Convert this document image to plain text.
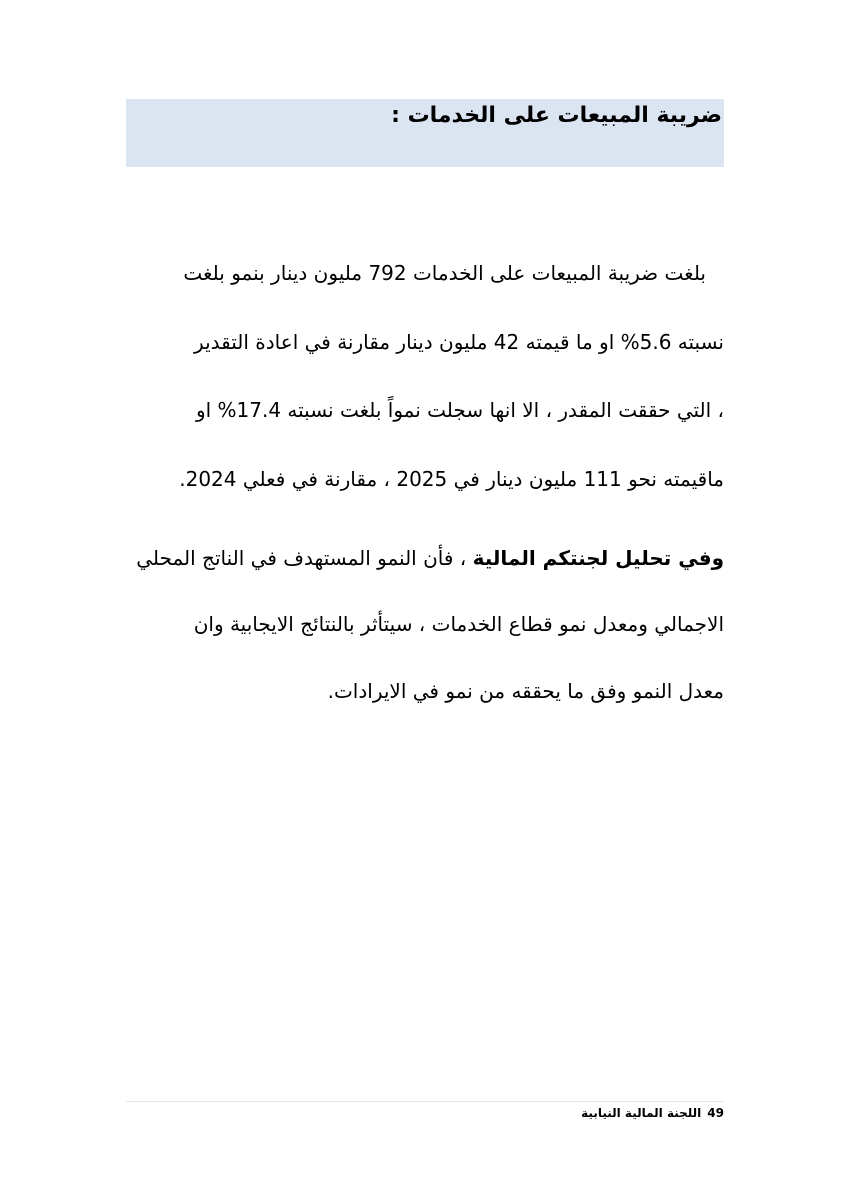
ضريبة المبيعات على الخدمات :
بلغت ضريبة المبيعات على الخدمات 792 مليون دينار بنمو بلغت
نسبته 5.6% او ما قيمته 42 مليون دينار مقارنة في اعادة التقدير
، التي حققت المقدر ، الا انها سجلت نمواً بلغت نسبته 17.4% او
ماقيمته نحو 111 مليون دينار في 2025 ، مقارنة في فعلي 2024.
وفي تحليل لجنتكم المالية ، فأن النمو المستهدف في الناتج المحلي
الاجمالي ومعدل نمو قطاع الخدمات ، سيتأثر بالنتائج الايجابية وان
معدل النمو وفق ما يحققه من نمو في الايرادات.
49اللجنة المالية النيابية
